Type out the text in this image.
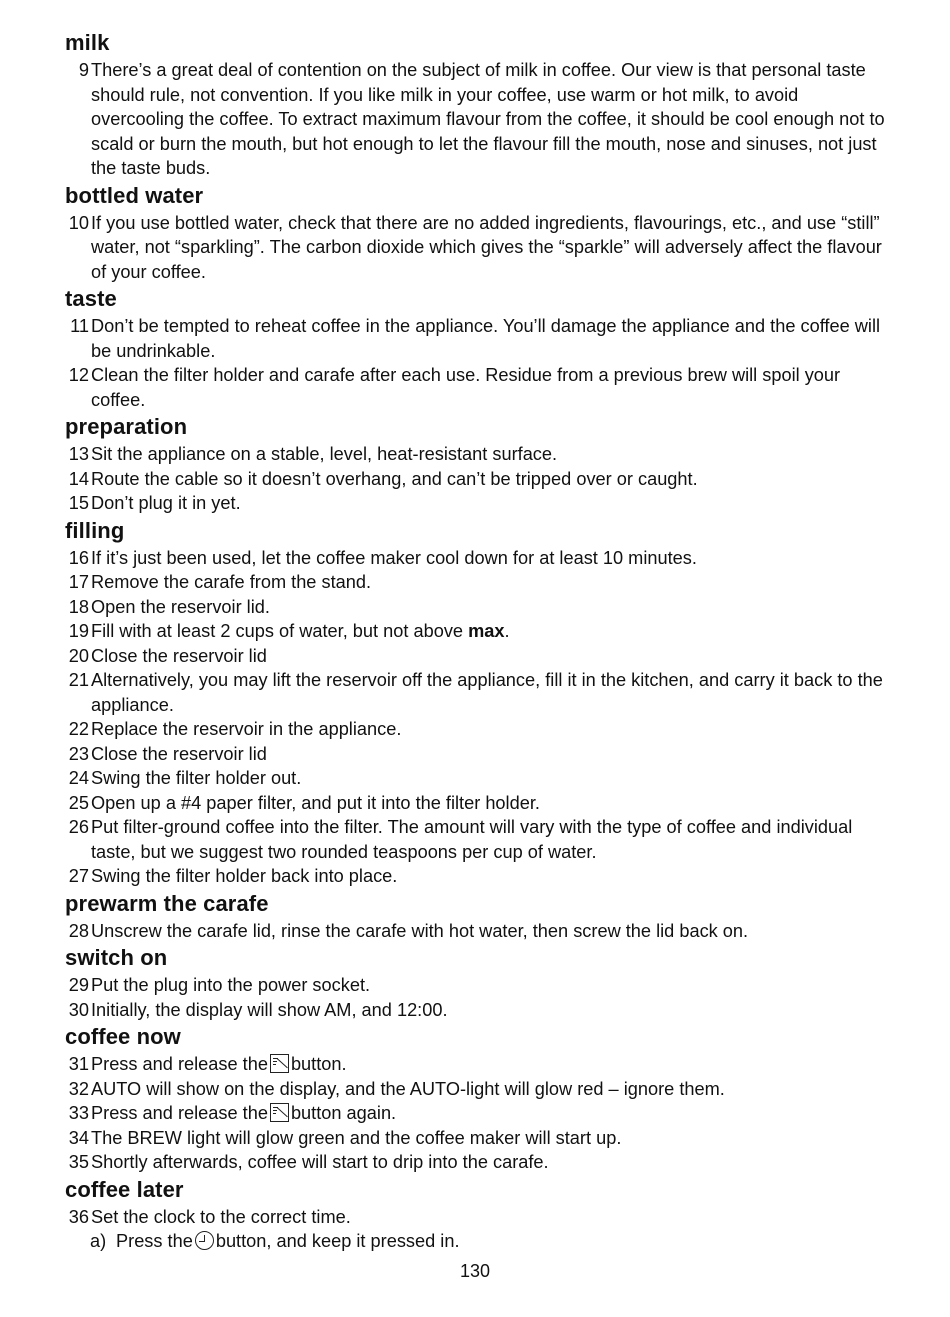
milk
9 There’s a great deal of contention on the subject of milk in coffee. Our view is that personal taste should rule, not convention. If you like milk in your coffee, use warm or hot milk, to avoid overcooling the coffee. To extract maximum flavour from the coffee, it should be cool enough not to scald or burn the mouth, but hot enough to let the flavour fill the mouth, nose and sinuses, not just the taste buds.
bottled water
10 If you use bottled water, check that there are no added ingredients, flavourings, etc., and use “still” water, not “sparkling”. The carbon dioxide which gives the “sparkle” will adversely affect the flavour of your coffee.
taste
11 Don’t be tempted to reheat coffee in the appliance. You’ll damage the appliance and the coffee will be undrinkable.
12 Clean the filter holder and carafe after each use. Residue from a previous brew will spoil your coffee.
preparation
13 Sit the appliance on a stable, level, heat-resistant surface.
14 Route the cable so it doesn’t overhang, and can’t be tripped over or caught.
15 Don’t plug it in yet.
filling
16 If it’s just been used, let the coffee maker cool down for at least 10 minutes.
17 Remove the carafe from the stand.
18 Open the reservoir lid.
19 Fill with at least 2 cups of water, but not above max.
20 Close the reservoir lid
21 Alternatively, you may lift the reservoir off the appliance, fill it in the kitchen, and carry it back to the appliance.
22 Replace the reservoir in the appliance.
23 Close the reservoir lid
24 Swing the filter holder out.
25 Open up a #4 paper filter, and put it into the filter holder.
26 Put filter-ground coffee into the filter. The amount will vary with the type of coffee and individual taste, but we suggest two rounded teaspoons per cup of water.
27 Swing the filter holder back into place.
prewarm the carafe
28 Unscrew the carafe lid, rinse the carafe with hot water, then screw the lid back on.
switch on
29 Put the plug into the power socket.
30 Initially, the display will show AM, and 12:00.
coffee now
31 Press and release the button.
32 AUTO will show on the display, and the AUTO-light will glow red – ignore them.
33 Press and release the button again.
34 The BREW light will glow green and the coffee maker will start up.
35 Shortly afterwards, coffee will start to drip into the carafe.
coffee later
36 Set the clock to the correct time.
a) Press the button, and keep it pressed in.
130
